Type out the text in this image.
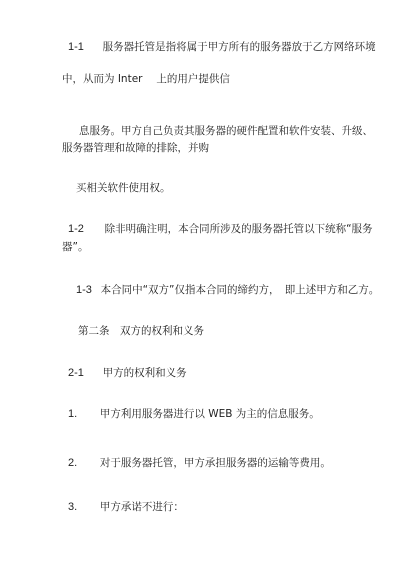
1-1 服务器托管是指将属于甲方所有的服务器放于乙方网络环境
中，从而为 Inter　 上的用户提供信
息服务。甲方自己负责其服务器的硬件配置和软件安装、升级、
服务器管理和故障的排除，并购
买相关软件使用权。
1-2 除非明确注明，本合同所涉及的服务器托管以下统称“服务
器”。
1-3 本合同中“双方”仅指本合同的缔约方，　即上述甲方和乙方。
第二条　双方的权利和义务
2-1 甲方的权利和义务
1. 甲方利用服务器进行以 WEB 为主的信息服务。
2. 对于服务器托管，甲方承担服务器的运输等费用。
3. 甲方承诺不进行：
